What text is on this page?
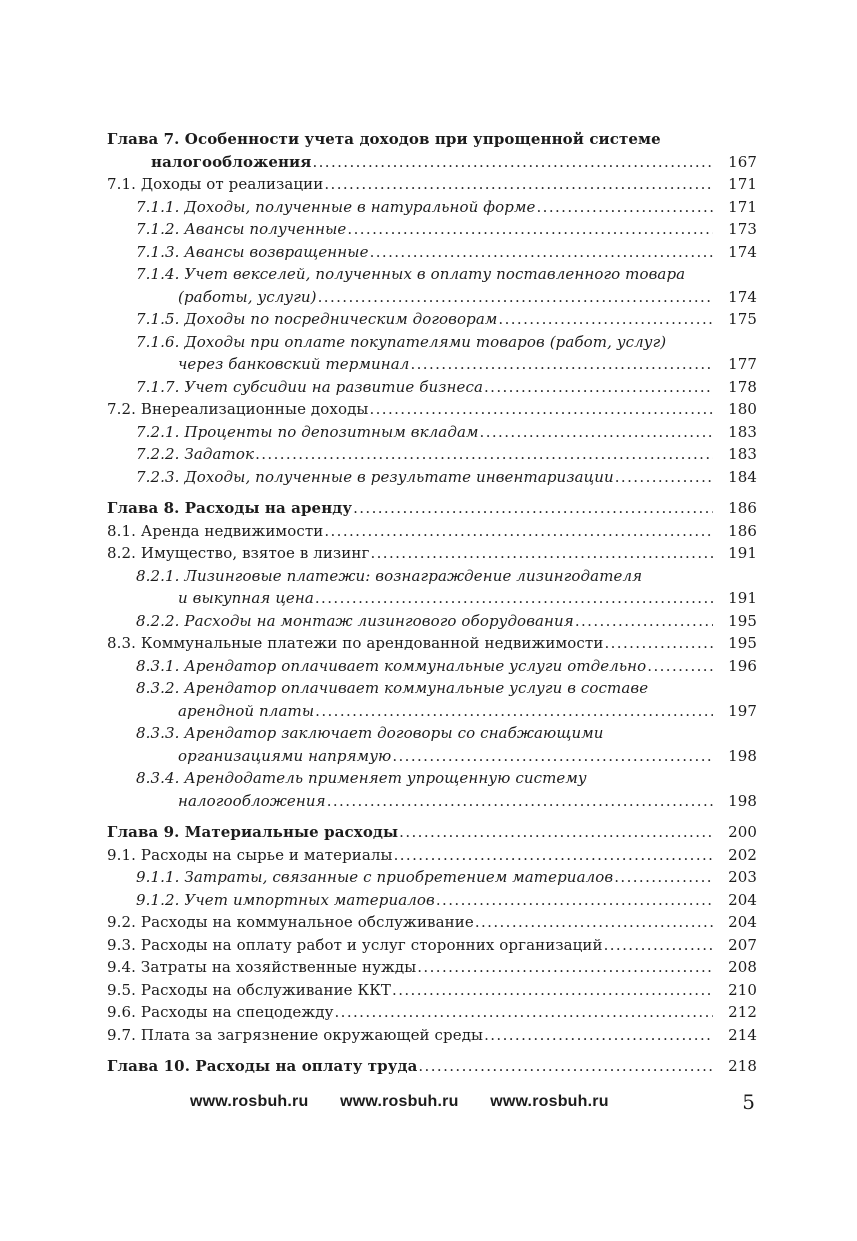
Глава 7. Особенности учета доходов при упрощенной системе
налогообложения .....	167
7.1. Доходы от реализации .....	171
7.1.1. Доходы, полученные в натуральной форме .....	171
7.1.2. Авансы полученные .....	173
7.1.3. Авансы возвращенные .....	174
7.1.4. Учет векселей, полученных в оплату поставленного товара
(работы, услуги) .....	174
7.1.5. Доходы по посредническим договорам .....	175
7.1.6. Доходы при оплате покупателями товаров (работ, услуг)
через банковский терминал .....	177
7.1.7. Учет субсидии на развитие бизнеса .....	178
7.2. Внереализационные доходы .....	180
7.2.1. Проценты по депозитным вкладам .....	183
7.2.2. Задаток .....	183
7.2.3. Доходы, полученные в результате инвентаризации .....	184
Глава 8. Расходы на аренду .....	186
8.1. Аренда недвижимости .....	186
8.2. Имущество, взятое в лизинг .....	191
8.2.1. Лизинговые платежи: вознаграждение лизингодателя
и выкупная цена .....	191
8.2.2. Расходы на монтаж лизингового оборудования .....	195
8.3. Коммунальные платежи по арендованной недвижимости .....	195
8.3.1. Арендатор оплачивает коммунальные услуги отдельно .....	196
8.3.2. Арендатор оплачивает коммунальные услуги в составе
арендной платы .....	197
8.3.3. Арендатор заключает договоры со снабжающими
организациями напрямую .....	198
8.3.4. Арендодатель применяет упрощенную систему
налогообложения .....	198
Глава 9. Материальные расходы .....	200
9.1. Расходы на сырье и материалы .....	202
9.1.1. Затраты, связанные с приобретением материалов .....	203
9.1.2. Учет импортных материалов .....	204
9.2. Расходы на коммунальное обслуживание .....	204
9.3. Расходы на оплату работ и услуг сторонних организаций .....	207
9.4. Затраты на хозяйственные нужды .....	208
9.5. Расходы на обслуживание ККТ .....	210
9.6. Расходы на спецодежду .....	212
9.7. Плата за загрязнение окружающей среды .....	214
Глава 10. Расходы на оплату труда .....	218
www.rosbuh.ru www.rosbuh.ru www.rosbuh.ru	5
